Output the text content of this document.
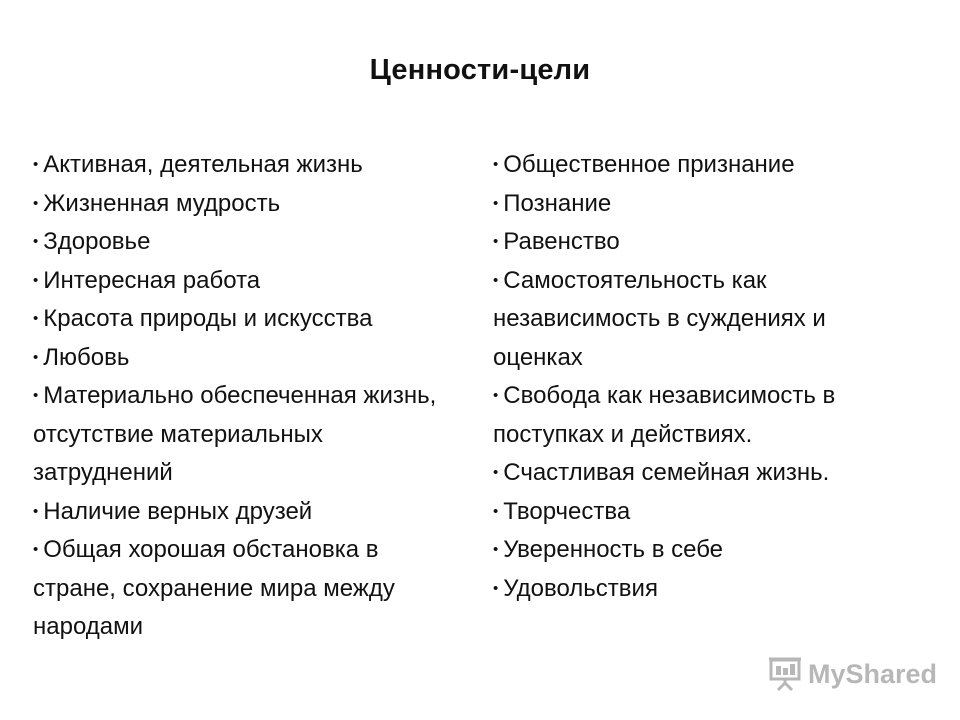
Ценности-цели
• Активная, деятельная жизнь
• Жизненная мудрость
• Здоровье
• Интересная работа
• Красота природы и искусства
• Любовь
• Материально обеспеченная жизнь, отсутствие материальных затруднений
• Наличие верных друзей
• Общая хорошая обстановка в стране, сохранение мира между народами
• Общественное признание
• Познание
• Равенство
• Самостоятельность как независимость в суждениях и оценках
• Свобода как независимость в поступках и действиях.
• Счастливая семейная жизнь.
• Творчества
• Уверенность в себе
• Удовольствия
MyShared
